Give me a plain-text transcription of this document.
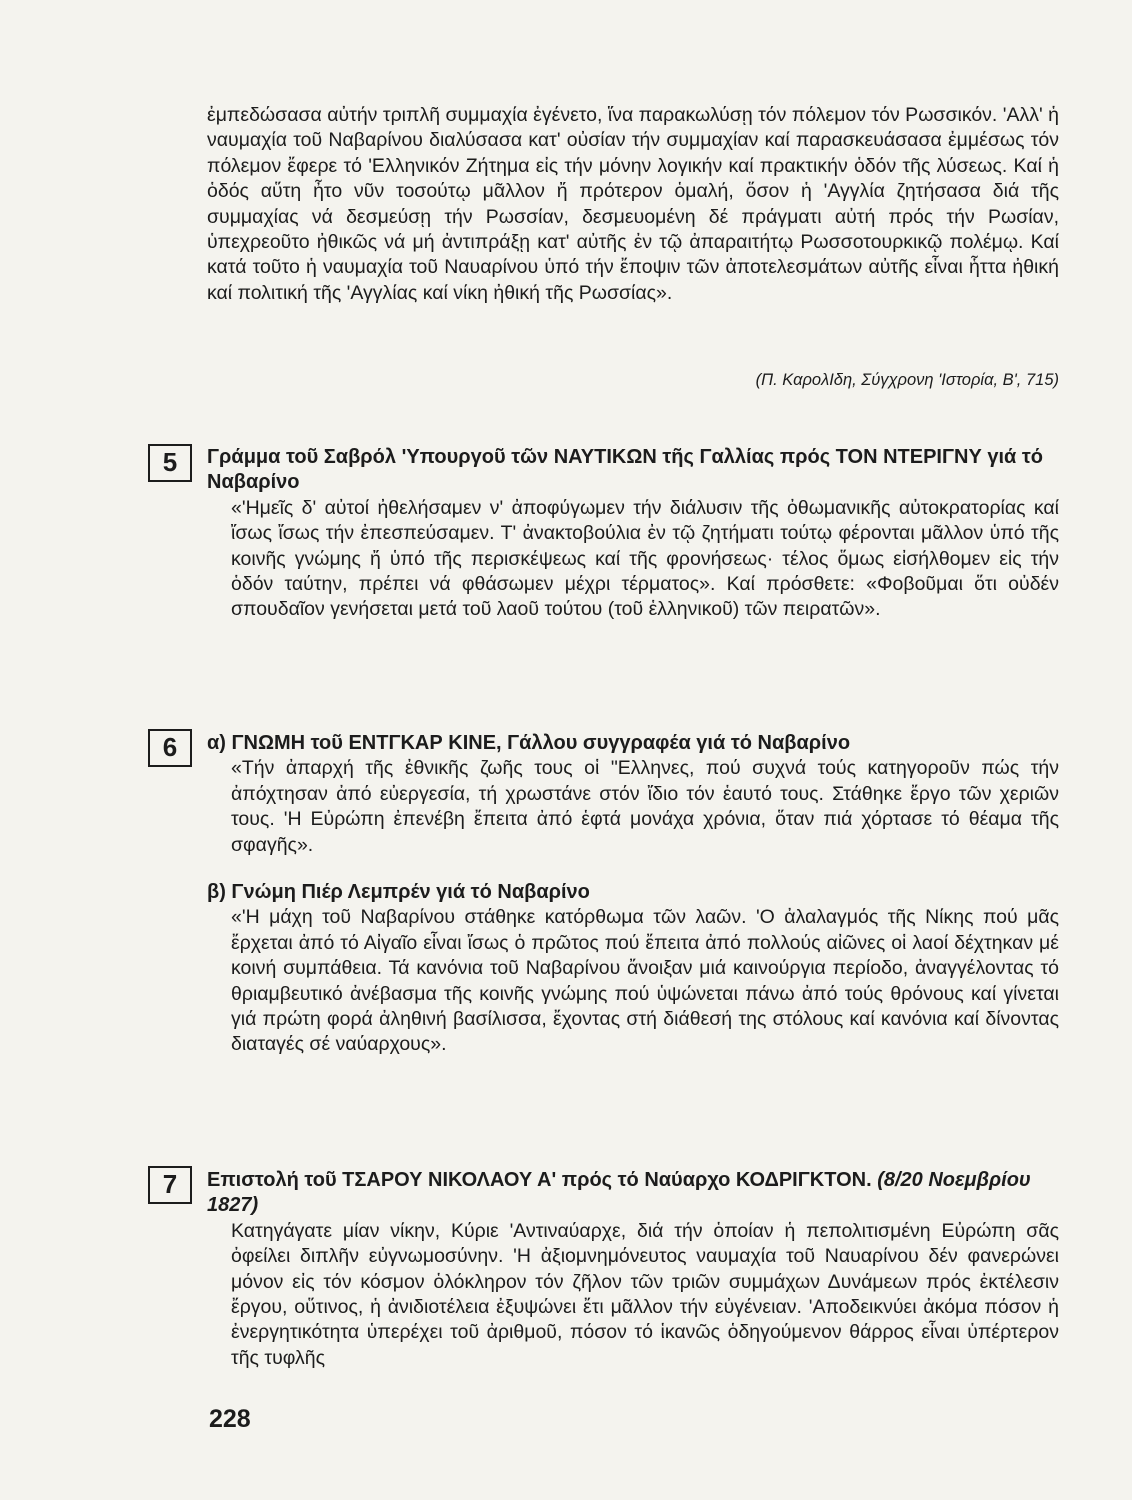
ἐμπεδώσασα αὐτήν τριπλῆ συμμαχία ἐγένετο, ἵνα παρακωλύσῃ τόν πόλεμον τόν Ρωσσικόν. 'Αλλ' ἡ ναυμαχία τοῦ Ναβαρίνου διαλύσασα κατ' οὐσίαν τήν συμμαχίαν καί παρασκευάσασα ἐμμέσως τόν πόλεμον ἔφερε τό 'Ελληνικόν Ζήτημα εἰς τήν μόνην λογικήν καί πρακτικήν ὁδόν τῆς λύσεως. Καί ἡ ὁδός αὕτη ἦτο νῦν τοσούτῳ μᾶλλον ἤ πρότερον ὁμαλή, ὅσον ἡ 'Αγγλία ζητήσασα διά τῆς συμμαχίας νά δεσμεύσῃ τήν Ρωσσίαν, δεσμευομένη δέ πράγματι αὐτή πρός τήν Ρωσίαν, ὑπεχρεοῦτο ἠθικῶς νά μή ἀντιπράξῃ κατ' αὐτῆς ἐν τῷ ἀπαραιτήτῳ Ρωσσοτουρκικῷ πολέμῳ. Καί κατά τοῦτο ἡ ναυμαχία τοῦ Ναυαρίνου ὑπό τήν ἔποψιν τῶν ἀποτελεσμάτων αὐτῆς εἶναι ἧττα ἠθική καί πολιτική τῆς 'Αγγλίας καί νίκη ἠθική τῆς Ρωσσίας».

(Π. ΚαρολΙδη, Σύγχρονη 'Ιστορία, Β', 715)
5	Γράμμα τοῦ Σαβρόλ 'Υπουργοῦ τῶν ΝΑΥΤΙΚΩΝ τῆς Γαλλίας πρός ΤΟΝ ΝΤΕΡΙΓΝΥ γιά τό Ναβαρίνο

«'Ημεῖς δ' αὐτοί ἠθελήσαμεν ν' ἀποφύγωμεν τήν διάλυσιν τῆς ὀθωμανικῆς αὐτοκρατορίας καί ἴσως ἴσως τήν ἐπεσπεύσαμεν. Τ' ἀνακτοβούλια ἐν τῷ ζητήματι τούτῳ φέρονται μᾶλλον ὑπό τῆς κοινῆς γνώμης ἤ ὑπό τῆς περισκέψεως καί τῆς φρονήσεως· τέλος ὅμως εἰσήλθομεν εἰς τήν ὁδόν ταύτην, πρέπει νά φθάσωμεν μέχρι τέρματος». Καί πρόσθετε: «Φοβοῦμαι ὅτι οὐδέν σπουδαῖον γενήσεται μετά τοῦ λαοῦ τούτου (τοῦ ἑλληνικοῦ) τῶν πειρατῶν».

6	α) ΓΝΩΜΗ τοῦ ΕΝΤΓΚΑΡ ΚΙΝΕ, Γάλλου συγγραφέα γιά τό Ναβαρίνο

«Τήν ἀπαρχή τῆς ἐθνικῆς ζωῆς τους οἱ "Ελληνες, πού συχνά τούς κατηγοροῦν πώς τήν ἀπόχτησαν ἀπό εὐεργεσία, τή χρωστάνε στόν ἴδιο τόν ἑαυτό τους. Στάθηκε ἔργο τῶν χεριῶν τους. 'Η Εὐρώπη ἐπενέβη ἔπειτα ἀπό ἑφτά μονάχα χρόνια, ὅταν πιά χόρτασε τό θέαμα τῆς σφαγῆς».

β) Γνώμη Πιέρ Λεμπρέν γιά τό Ναβαρίνο

«'Η μάχη τοῦ Ναβαρίνου στάθηκε κατόρθωμα τῶν λαῶν. 'Ο ἀλαλαγμός τῆς Νίκης πού μᾶς ἔρχεται ἀπό τό Αἰγαῖο εἶναι ἴσως ὁ πρῶτος πού ἔπειτα ἀπό πολλούς αἰῶνες οἱ λαοί δέχτηκαν μέ κοινή συμπάθεια. Τά κανόνια τοῦ Ναβαρίνου ἄνοιξαν μιά καινούργια περίοδο, ἀναγγέλοντας τό θριαμβευτικό ἀνέβασμα τῆς κοινῆς γνώμης πού ὑψώνεται πάνω ἀπό τούς θρόνους καί γίνεται γιά πρώτη φορά ἀληθινή βασίλισσα, ἔχοντας στή διάθεσή της στόλους καί κανόνια καί δίνοντας διαταγές σέ ναύαρχους».

7	Επιστολή τοῦ ΤΣΑΡΟΥ ΝΙΚΟΛΑΟΥ Α' πρός τό Ναύαρχο ΚΟΔΡΙΓΚΤΟΝ. (8/20 Νοεμβρίου 1827)

Κατηγάγατε μίαν νίκην, Κύριε 'Αντιναύαρχε, διά τήν ὁποίαν ἡ πεπολιτισμένη Εὐρώπη σᾶς ὀφείλει διπλῆν εὐγνωμοσύνην. 'Η ἀξιομνημόνευτος ναυμαχία τοῦ Ναυαρίνου δέν φανερώνει μόνον εἰς τόν κόσμον ὁλόκληρον τόν ζῆλον τῶν τριῶν συμμάχων Δυνάμεων πρός ἐκτέλεσιν ἔργου, οὕτινος, ἡ ἀνιδιοτέλεια ἐξυψώνει ἔτι μᾶλλον τήν εὐγένειαν. 'Αποδεικνύει ἀκόμα πόσον ἡ ἐνεργητικότητα ὑπερέχει τοῦ ἀριθμοῦ, πόσον τό ἱκανῶς ὁδηγούμενον θάρρος εἶναι ὑπέρτερον τῆς τυφλῆς

228
